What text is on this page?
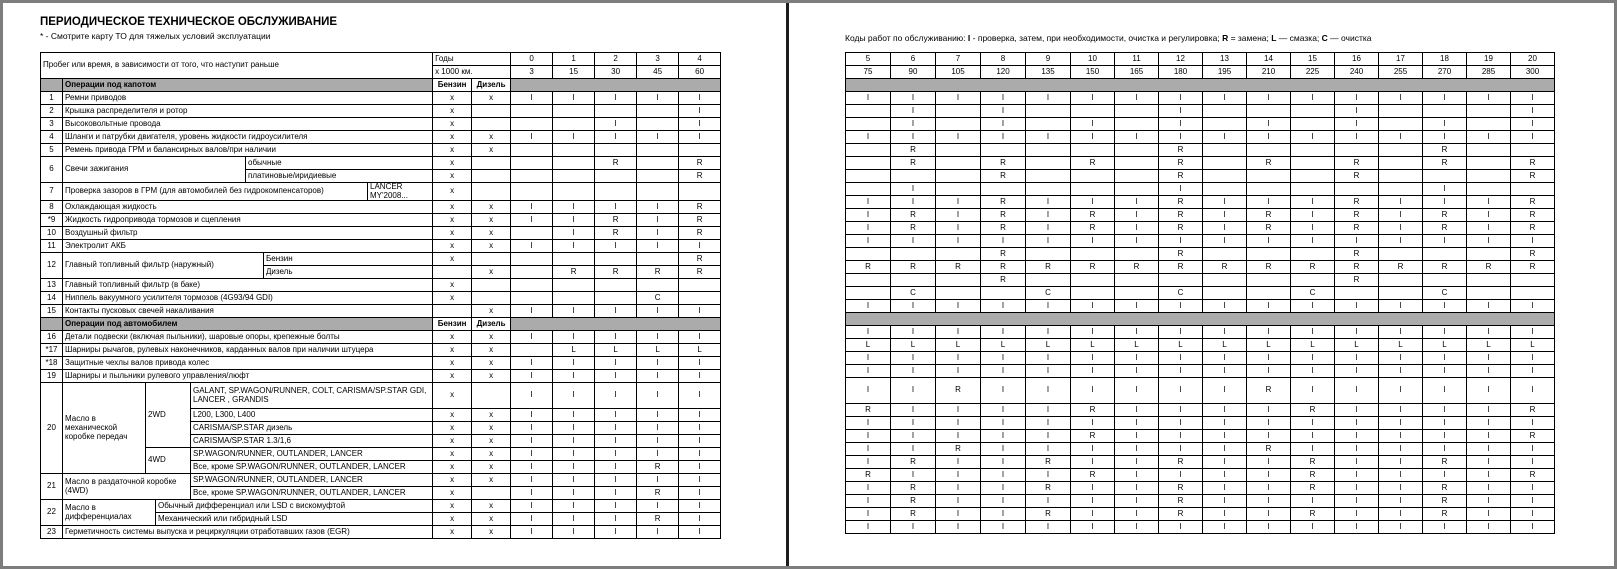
ПЕРИОДИЧЕСКОЕ ТЕХНИЧЕСКОЕ ОБСЛУЖИВАНИЕ
* - Смотрите карту ТО для тяжелых условий эксплуатации	Коды работ по обслуживанию: I - проверка, затем, при необходимости, очистка и регулировка; R = замена; L — смазка; С — очистка
Пробег или время, в зависимости от того, что наступит раньше								Годы		0	1	2	3	4
								х 1000 км.		3	15	30	45	60
	Операции под капотом							Бензин	Дизель					
1	Ремни приводов							х	х	I	I	I	I	I
2	Крышка распределителя и ротор							х						I
3	Высоковольтные провода							х				I		I
4	Шланги и патрубки двигателя, уровень жидкости гидроусилителя							х	х	I	I	I	I	I
5	Ремень привода ГРМ и балансирных валов/при наличии							х	х					
6	Свечи зажигания				обычные			х				R		R
					платиновые/иридиевые			х						R
7	Проверка зазоров в ГРМ (для автомобилей без гидрокомпенсаторов)						LANCER MY'2008...	х						
8	Охлаждающая жидкость							х	х	I	I	I	I	R
*9	Жидкость гидропривода тормозов и сцепления							х	х	I	I	R	I	R
10	Воздушный фильтр							х	х		I	R	I	R
11	Электролит АКБ							х	х	I	I	I	I	I
12	Главный топливный фильтр (наружный)					Бензин		х						R
						Дизель			х		R	R	R	R
13	Главный топливный фильтр (в баке)							х						
14	Ниппель вакуумного усилителя тормозов (4G93/94 GDI)							х					C	
15	Контакты пусковых свечей накаливания								х	I	I	I	I	I
	Операции под автомобилем							Бензин	Дизель					
16	Детали подвески (включая пыльники), шаровые опоры, крепежные болты							х	х	I	I	I	I	I
*17	Шарниры рычагов, рулевых наконечников, карданных валов при наличии штуцера							х	х		L	L	L	L
*18	Защитные чехлы валов привода колес							х	х	I	I	I	I	I
19	Шарниры и пыльники рулевого управления/люфт							х	х	I	I	I	I	I
20	Масло в механической коробке передач	2WD		GALANT, SP.WAGON/RUNNER, COLT, CARISMA/SP.STAR GDI, LANCER , GRANDIS				х		I	I	I	I	I
				L200, L300, L400				х	х	I	I	I	I	I
				CARISMA/SP.STAR дизель				х	х	I	I	I	I	I
				CARISMA/SP.STAR 1.3/1,6				х	х	I	I	I	I	I
		4WD		SP.WAGON/RUNNER, OUTLANDER, LANCER				х	х	I	I	I	I	I
				Все, кроме SP.WAGON/RUNNER, OUTLANDER, LANCER				х	х	I	I	I	R	I
21	Масло в раздаточной коробке (4WD)			SP.WAGON/RUNNER, OUTLANDER, LANCER				х	х	I	I	I	I	I
				Все, кроме SP.WAGON/RUNNER, OUTLANDER, LANCER				х		I	I	I	R	I
22	Масло в дифференциалах		Обычный дифференциал или LSD с вискомуфтой					х	х	I	I	I	I	I
			Механический или гибридный LSD					х	х	I	I	I	R	I
23	Герметичность системы выпуска и рециркуляции отработавших газов (EGR)							х	х	I	I	I	I	I
5	6	7	8	9	10	11	12	13	14	15	16	17	18	19	20
75	90	105	120	135	150	165	180	195	210	225	240	255	270	285	300

I	I	I	I	I	I	I	I	I	I	I	I	I	I	I	I
	I		I				I				I				I
	I		I		I		I		I		I		I		I
I	I	I	I	I	I	I	I	I	I	I	I	I	I	I	I
	R						R						R		
	R		R		R		R		R		R		R		R
			R				R				R				R
	I						I						I		
I	I	I	R	I	I	I	R	I	I	I	R	I	I	I	R
I	R	I	R	I	R	I	R	I	R	I	R	I	R	I	R
I	R	I	R	I	R	I	R	I	R	I	R	I	R	I	R
I	I	I	I	I	I	I	I	I	I	I	I	I	I	I	I
			R				R				R				R
R	R	R	R	R	R	R	R	R	R	R	R	R	R	R	R
			R								R				
	C			C			C			C			C		
I	I	I	I	I	I	I	I	I	I	I	I	I	I	I	I

I	I	I	I	I	I	I	I	I	I	I	I	I	I	I	I
L	L	L	L	L	L	L	L	L	L	L	L	L	L	L	L
I	I	I	I	I	I	I	I	I	I	I	I	I	I	I	I
I	I	I	I	I	I	I	I	I	I	I	I	I	I	I	I
I	I	R	I	I	I	I	I	I	R	I	I	I	I	I	I
R	I	I	I	I	R	I	I	I	I	R	I	I	I	I	R
I	I	I	I	I	I	I	I	I	I	I	I	I	I	I	I
I	I	I	I	I	R	I	I	I	I	I	I	I	I	I	R
I	I	R	I	I	I	I	I	I	R	I	I	I	I	I	I
I	R	I	I	R	I	I	R	I	I	R	I	I	R	I	I
R	I	I	I	I	R	I	I	I	I	R	I	I	I	I	R
I	R	I	I	R	I	I	R	I	I	R	I	I	R	I	I
I	R	I	I	I	I	I	R	I	I	I	I	I	R	I	I
I	R	I	I	R	I	I	R	I	I	R	I	I	R	I	I
I	I	I	I	I	I	I	I	I	I	I	I	I	I	I	I
